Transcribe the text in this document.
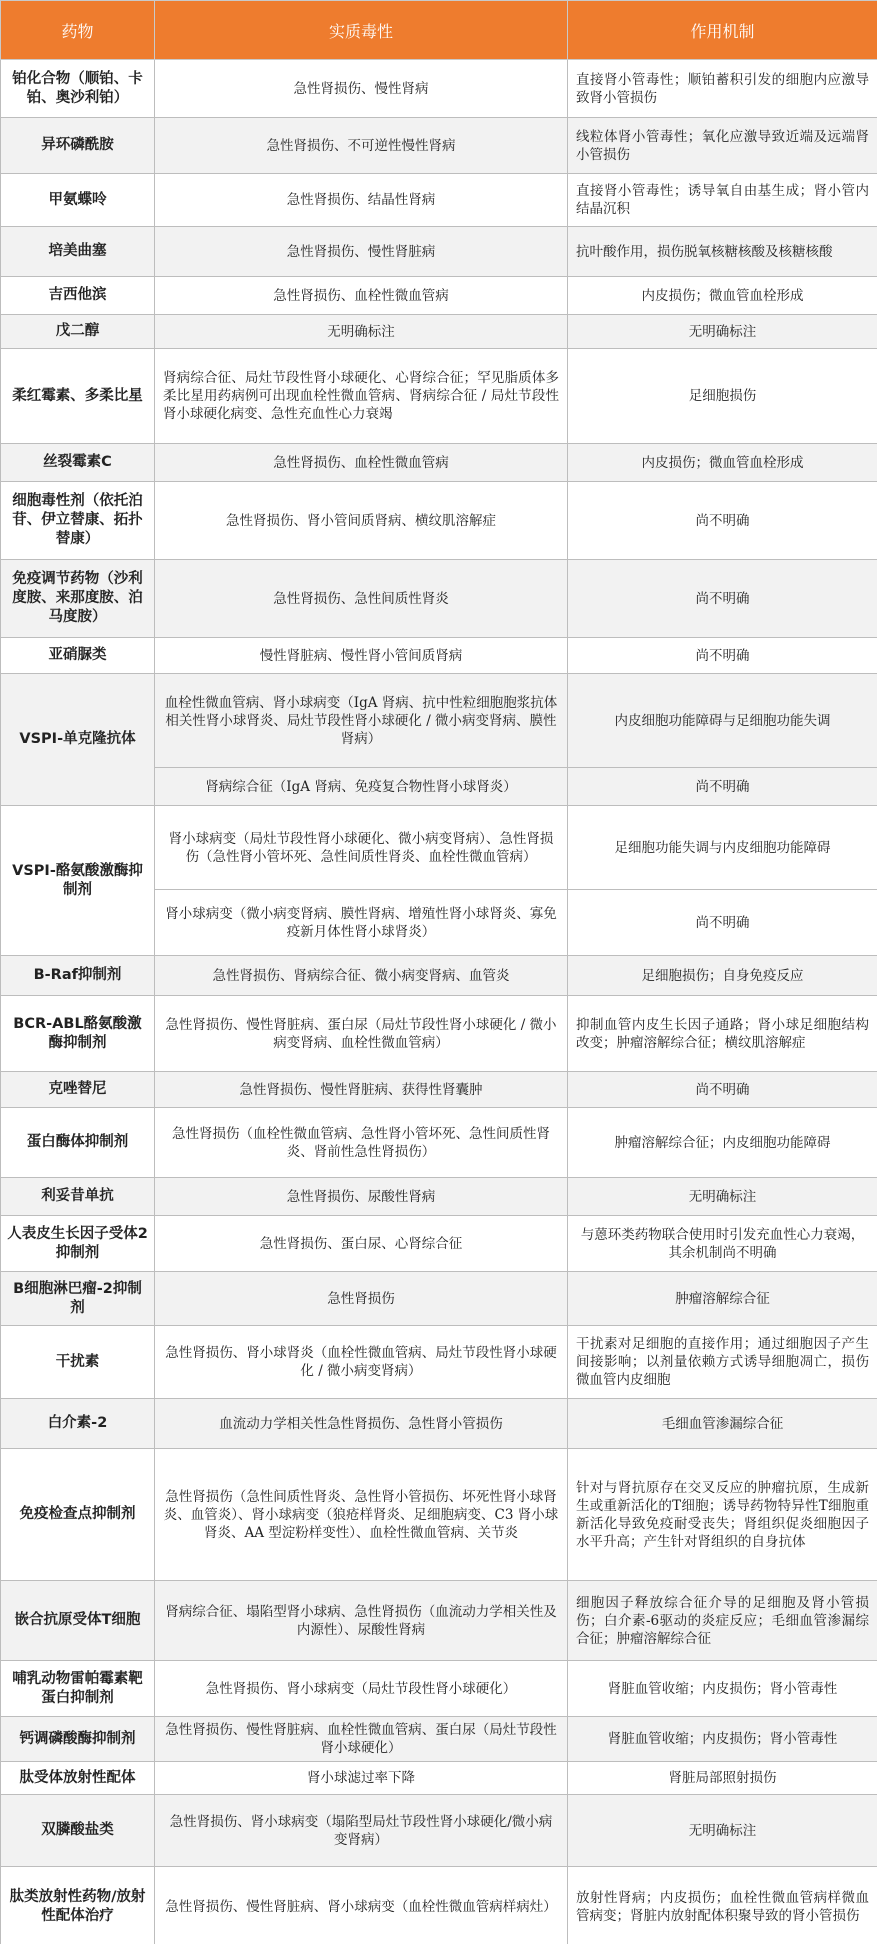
药物	实质毒性	作用机制
铂化合物（顺铂、卡铂、奥沙利铂）	急性肾损伤、慢性肾病	直接肾小管毒性；顺铂蓄积引发的细胞内应激导致肾小管损伤
异环磷酰胺	急性肾损伤、不可逆性慢性肾病	线粒体肾小管毒性；氧化应激导致近端及远端肾小管损伤
甲氨蝶呤	急性肾损伤、结晶性肾病	直接肾小管毒性；诱导氧自由基生成；肾小管内结晶沉积
培美曲塞	急性肾损伤、慢性肾脏病	抗叶酸作用，损伤脱氧核糖核酸及核糖核酸
吉西他滨	急性肾损伤、血栓性微血管病	内皮损伤；微血管血栓形成
戊二醇	无明确标注	无明确标注
柔红霉素、多柔比星	肾病综合征、局灶节段性肾小球硬化、心肾综合征；罕见脂质体多柔比星用药病例可出现血栓性微血管病、肾病综合征 / 局灶节段性肾小球硬化病变、急性充血性心力衰竭	足细胞损伤
丝裂霉素C	急性肾损伤、血栓性微血管病	内皮损伤；微血管血栓形成
细胞毒性剂（依托泊苷、伊立替康、拓扑替康）	急性肾损伤、肾小管间质肾病、横纹肌溶解症	尚不明确
免疫调节药物（沙利度胺、来那度胺、泊马度胺）	急性肾损伤、急性间质性肾炎	尚不明确
亚硝脲类	慢性肾脏病、慢性肾小管间质肾病	尚不明确
VSPI-单克隆抗体	血栓性微血管病、肾小球病变（IgA 肾病、抗中性粒细胞胞浆抗体相关性肾小球肾炎、局灶节段性肾小球硬化 / 微小病变肾病、膜性肾病）	内皮细胞功能障碍与足细胞功能失调
	肾病综合征（IgA 肾病、免疫复合物性肾小球肾炎）	尚不明确
VSPI-酪氨酸激酶抑制剂	肾小球病变（局灶节段性肾小球硬化、微小病变肾病）、急性肾损伤（急性肾小管坏死、急性间质性肾炎、血栓性微血管病）	足细胞功能失调与内皮细胞功能障碍
	肾小球病变（微小病变肾病、膜性肾病、增殖性肾小球肾炎、寡免疫新月体性肾小球肾炎）	尚不明确
B-Raf抑制剂	急性肾损伤、肾病综合征、微小病变肾病、血管炎	足细胞损伤；自身免疫反应
BCR-ABL酪氨酸激酶抑制剂	急性肾损伤、慢性肾脏病、蛋白尿（局灶节段性肾小球硬化 / 微小病变肾病、血栓性微血管病）	抑制血管内皮生长因子通路；肾小球足细胞结构改变；肿瘤溶解综合征；横纹肌溶解症
克唑替尼	急性肾损伤、慢性肾脏病、获得性肾囊肿	尚不明确
蛋白酶体抑制剂	急性肾损伤（血栓性微血管病、急性肾小管坏死、急性间质性肾炎、肾前性急性肾损伤）	肿瘤溶解综合征；内皮细胞功能障碍
利妥昔单抗	急性肾损伤、尿酸性肾病	无明确标注
人表皮生长因子受体2抑制剂	急性肾损伤、蛋白尿、心肾综合征	与蒽环类药物联合使用时引发充血性心力衰竭，其余机制尚不明确
B细胞淋巴瘤-2抑制剂	急性肾损伤	肿瘤溶解综合征
干扰素	急性肾损伤、肾小球肾炎（血栓性微血管病、局灶节段性肾小球硬化 / 微小病变肾病）	干扰素对足细胞的直接作用；通过细胞因子产生间接影响；以剂量依赖方式诱导细胞凋亡，损伤微血管内皮细胞
白介素-2	血流动力学相关性急性肾损伤、急性肾小管损伤	毛细血管渗漏综合征
免疫检查点抑制剂	急性肾损伤（急性间质性肾炎、急性肾小管损伤、坏死性肾小球肾炎、血管炎）、肾小球病变（狼疮样肾炎、足细胞病变、C3 肾小球肾炎、AA 型淀粉样变性）、血栓性微血管病、关节炎	针对与肾抗原存在交叉反应的肿瘤抗原，生成新生或重新活化的T细胞；诱导药物特异性T细胞重新活化导致免疫耐受丧失；肾组织促炎细胞因子水平升高；产生针对肾组织的自身抗体
嵌合抗原受体T细胞	肾病综合征、塌陷型肾小球病、急性肾损伤（血流动力学相关性及内源性）、尿酸性肾病	细胞因子释放综合征介导的足细胞及肾小管损伤；白介素-6驱动的炎症反应；毛细血管渗漏综合征；肿瘤溶解综合征
哺乳动物雷帕霉素靶蛋白抑制剂	急性肾损伤、肾小球病变（局灶节段性肾小球硬化）	肾脏血管收缩；内皮损伤；肾小管毒性
钙调磷酸酶抑制剂	急性肾损伤、慢性肾脏病、血栓性微血管病、蛋白尿（局灶节段性肾小球硬化）	肾脏血管收缩；内皮损伤；肾小管毒性
肽受体放射性配体	肾小球滤过率下降	肾脏局部照射损伤
双膦酸盐类	急性肾损伤、肾小球病变（塌陷型局灶节段性肾小球硬化/微小病变肾病）	无明确标注
肽类放射性药物/放射性配体治疗	急性肾损伤、慢性肾脏病、肾小球病变（血栓性微血管病样病灶）	放射性肾病；内皮损伤；血栓性微血管病样微血管病变；肾脏内放射配体积聚导致的肾小管损伤
